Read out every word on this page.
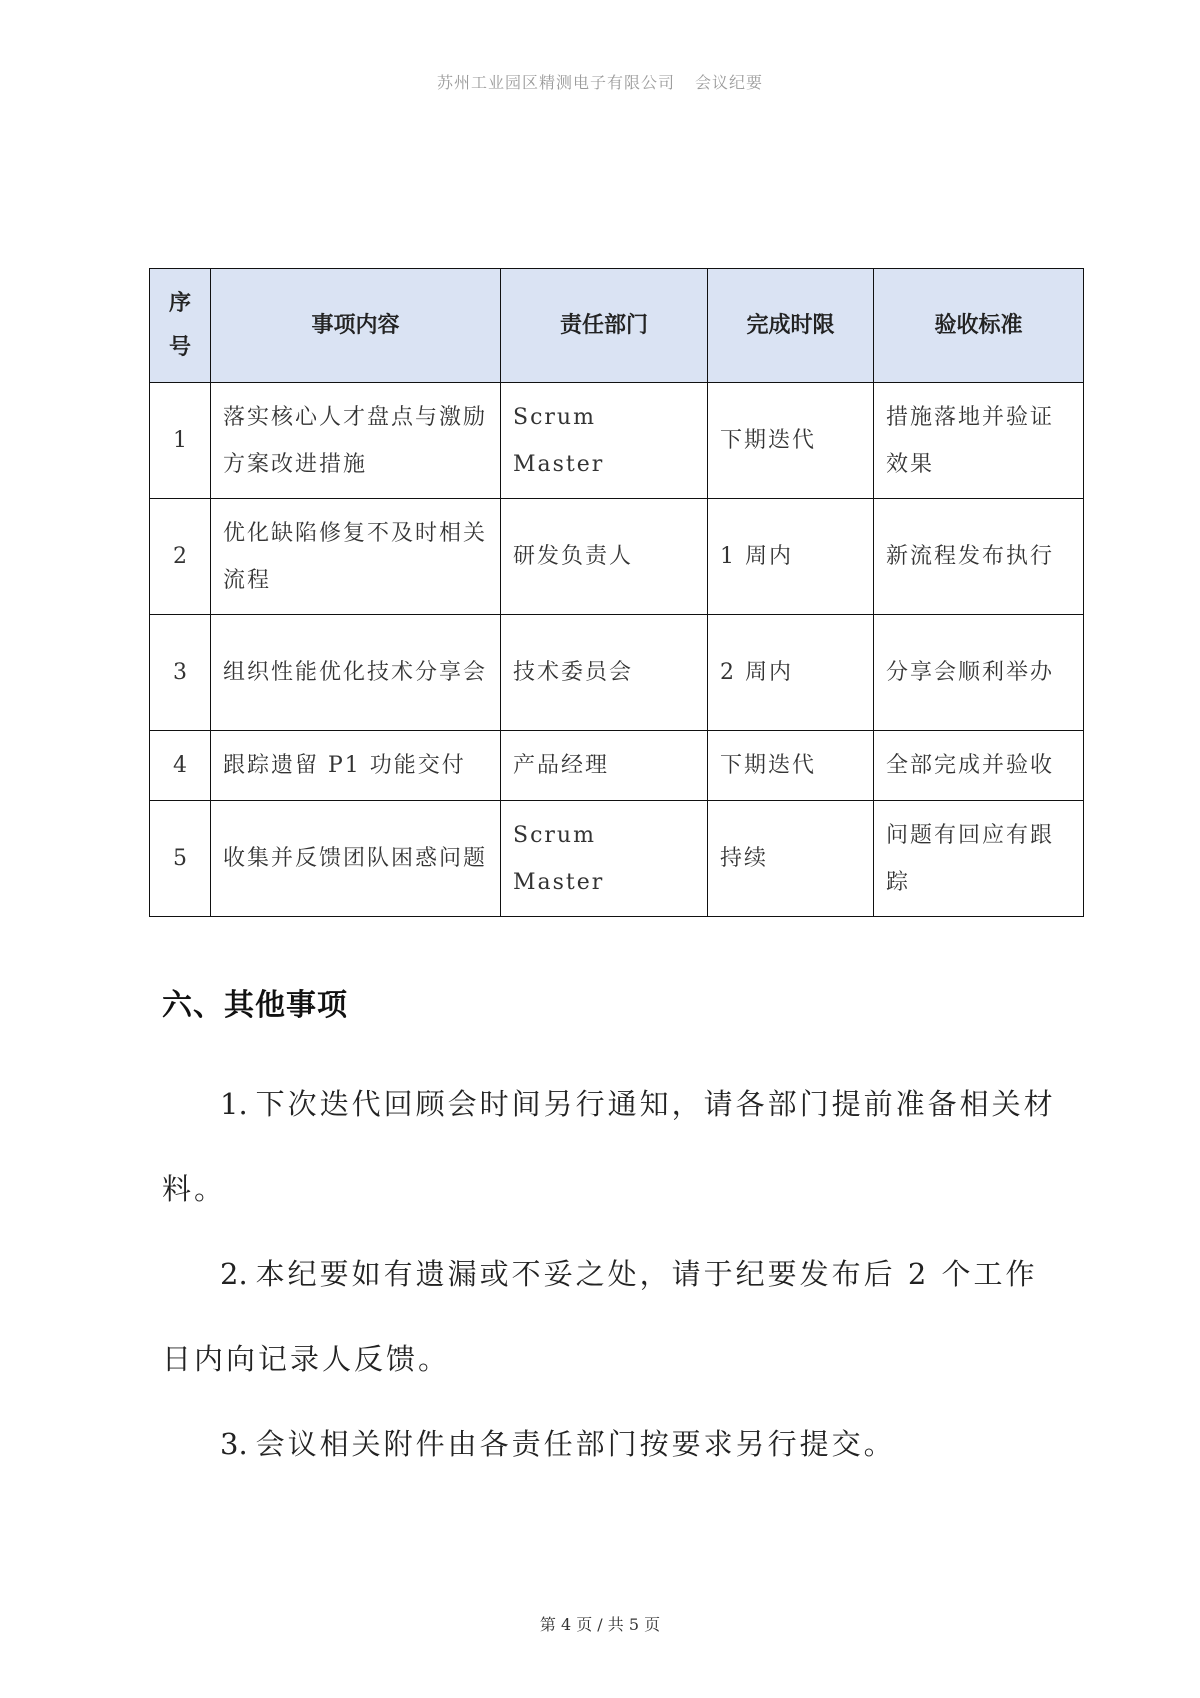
苏州工业园区精测电子有限公司 会议纪要
序号	事项内容	责任部门	完成时限	验收标准
1	落实核心人才盘点与激励方案改进措施	Scrum Master	下期迭代	措施落地并验证效果
2	优化缺陷修复不及时相关流程	研发负责人	1 周内	新流程发布执行
3	组织性能优化技术分享会	技术委员会	2 周内	分享会顺利举办
4	跟踪遗留 P1 功能交付	产品经理	下期迭代	全部完成并验收
5	收集并反馈团队困惑问题	Scrum Master	持续	问题有回应有跟踪
六、其他事项

1. 下次迭代回顾会时间另行通知，请各部门提前准备相关材料。

2. 本纪要如有遗漏或不妥之处，请于纪要发布后 2 个工作日内向记录人反馈。

3. 会议相关附件由各责任部门按要求另行提交。

第 4 页 / 共 5 页
